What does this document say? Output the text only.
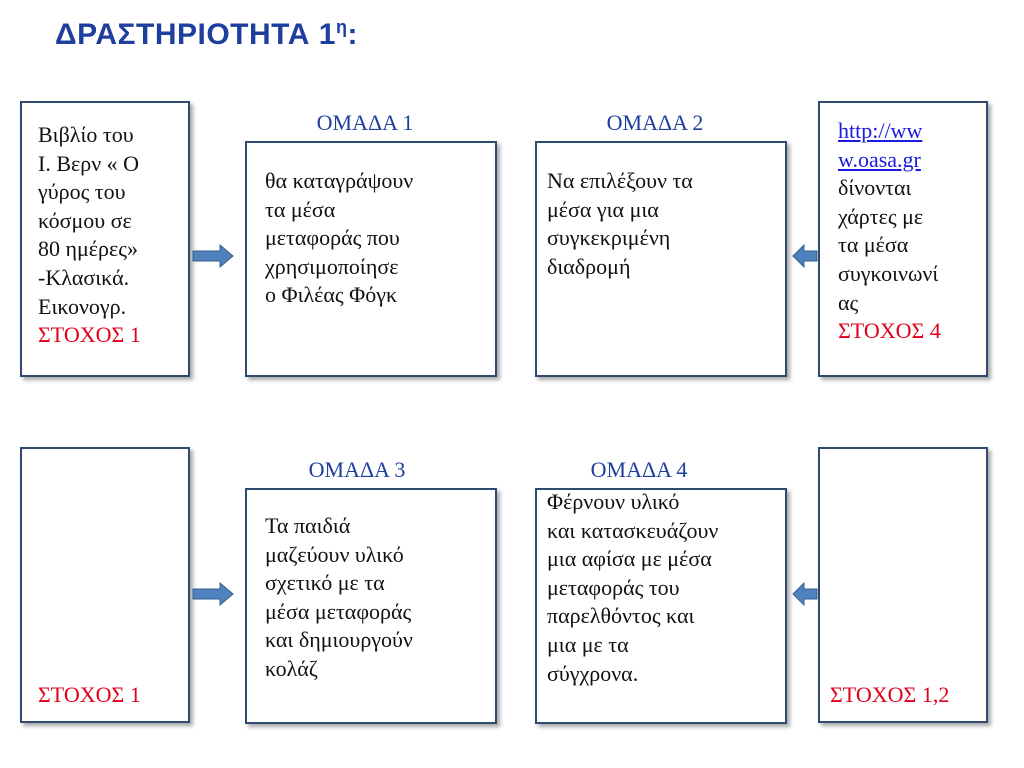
ΔΡΑΣΤΗΡΙΟΤΗΤΑ $1^\eta$:
Βιβλίο του
Ι. Βερν « Ο
γύρος του
κόσμου σε
80 ημέρες»
-Κλασικά.
Εικονογρ.
ΣΤΟΧΟΣ 1
ΟΜΑΔΑ 1
θα καταγράψουν
τα μέσα
μεταφοράς που
χρησιμοποίησε
ο Φιλέας Φόγκ
ΟΜΑΔΑ 2
Να επιλέξουν τα
μέσα για μια
συγκεκριμένη
διαδρομή
http://ww
w.oasa.gr
δίνονται
χάρτες με
τα μέσα
συγκοινωνί
ας
ΣΤΟΧΟΣ 4
ΣΤΟΧΟΣ 1
ΟΜΑΔΑ 3
Τα παιδιά
μαζεύουν υλικό
σχετικό με τα
μέσα μεταφοράς
και δημιουργούν
κολάζ
ΟΜΑΔΑ 4
Φέρνουν υλικό
και κατασκευάζουν
μια αφίσα με μέσα
μεταφοράς του
παρελθόντος και
μια με τα
σύγχρονα.
ΣΤΟΧΟΣ 1,2
